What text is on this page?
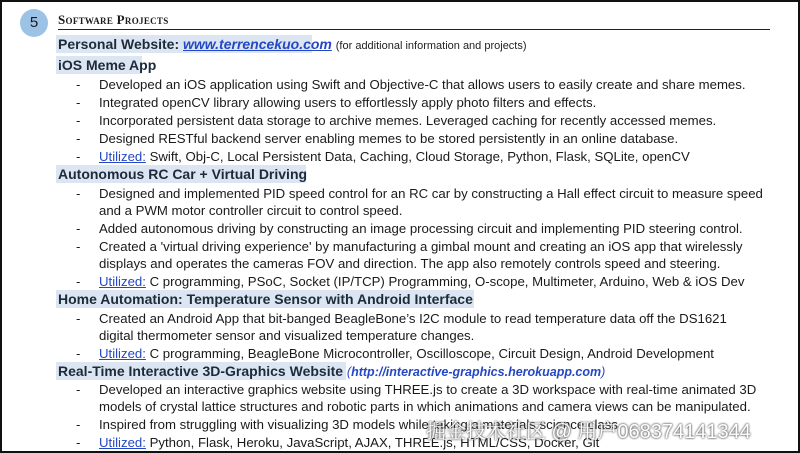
5	Software Projects
Personal Website: www.terrencekuo.com (for additional information and projects)
iOS Meme App
- Developed an iOS application using Swift and Objective-C that allows users to easily create and share memes.
- Integrated openCV library allowing users to effortlessly apply photo filters and effects.
- Incorporated persistent data storage to archive memes. Leveraged caching for recently accessed memes.
- Designed RESTful backend server enabling memes to be stored persistently in an online database.
- Utilized: Swift, Obj-C, Local Persistent Data, Caching, Cloud Storage, Python, Flask, SQLite, openCV
Autonomous RC Car + Virtual Driving
- Designed and implemented PID speed control for an RC car by constructing a Hall effect circuit to measure speed
and a PWM motor controller circuit to control speed.
- Added autonomous driving by constructing an image processing circuit and implementing PID steering control.
- Created a 'virtual driving experience' by manufacturing a gimbal mount and creating an iOS app that wirelessly
displays and operates the cameras FOV and direction. The app also remotely controls speed and steering.
- Utilized: C programming, PSoC, Socket (IP/TCP) Programming, O-scope, Multimeter, Arduino, Web & iOS Dev
Home Automation: Temperature Sensor with Android Interface
- Created an Android App that bit-banged BeagleBone’s I2C module to read temperature data off the DS1621
digital thermometer sensor and visualized temperature changes.
- Utilized: C programming, BeagleBone Microcontroller, Oscilloscope, Circuit Design, Android Development
Real-Time Interactive 3D-Graphics Website (http://interactive-graphics.herokuapp.com)
- Developed an interactive graphics website using THREE.js to create a 3D workspace with real-time animated 3D
models of crystal lattice structures and robotic parts in which animations and camera views can be manipulated.
- Inspired from struggling with visualizing 3D models while taking a materials science class
- Utilized: Python, Flask, Heroku, JavaScript, AJAX, THREE.js, HTML/CSS, Docker, Git
掘金技术社区 @ 用户068374141344
